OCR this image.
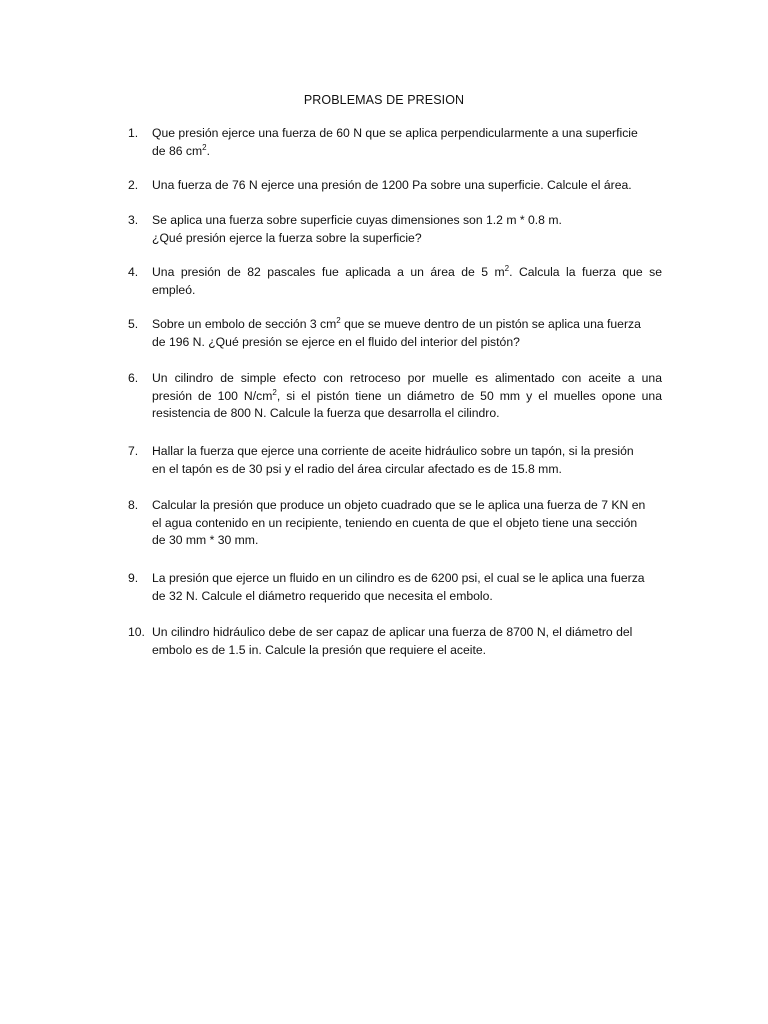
PROBLEMAS DE PRESION
1.	Que presión ejerce una fuerza de 60 N que se aplica perpendicularmente a una superficie
de 86 $cm^2$.
2.	Una fuerza de 76 N ejerce una presión de 1200 Pa sobre una superficie. Calcule el área.
3.	Se aplica una fuerza sobre superficie cuyas dimensiones son 1.2 m * 0.8 m.
¿Qué presión ejerce la fuerza sobre la superficie?
4.	Una presión de 82 pascales fue aplicada a un área de 5 $m^2$. Calcula la fuerza que se
empleó.
5.	Sobre un embolo de sección 3 $cm^2$ que se mueve dentro de un pistón se aplica una fuerza
de 196 N. ¿Qué presión se ejerce en el fluido del interior del pistón?
6.	Un cilindro de simple efecto con retroceso por muelle es alimentado con aceite a una
presión de 100 $N/cm^2$, si el pistón tiene un diámetro de 50 mm y el muelles opone una
resistencia de 800 N. Calcule la fuerza que desarrolla el cilindro.
7.	Hallar la fuerza que ejerce una corriente de aceite hidráulico sobre un tapón, si la presión
en el tapón es de 30 psi y el radio del área circular afectado es de 15.8 mm.
8.	Calcular la presión que produce un objeto cuadrado que se le aplica una fuerza de 7 KN en
el agua contenido en un recipiente, teniendo en cuenta de que el objeto tiene una sección
de 30 mm * 30 mm.
9.	La presión que ejerce un fluido en un cilindro es de 6200 psi, el cual se le aplica una fuerza
de 32 N. Calcule el diámetro requerido que necesita el embolo.
10. Un cilindro hidráulico debe de ser capaz de aplicar una fuerza de 8700 N, el diámetro del
embolo es de 1.5 in. Calcule la presión que requiere el aceite.
